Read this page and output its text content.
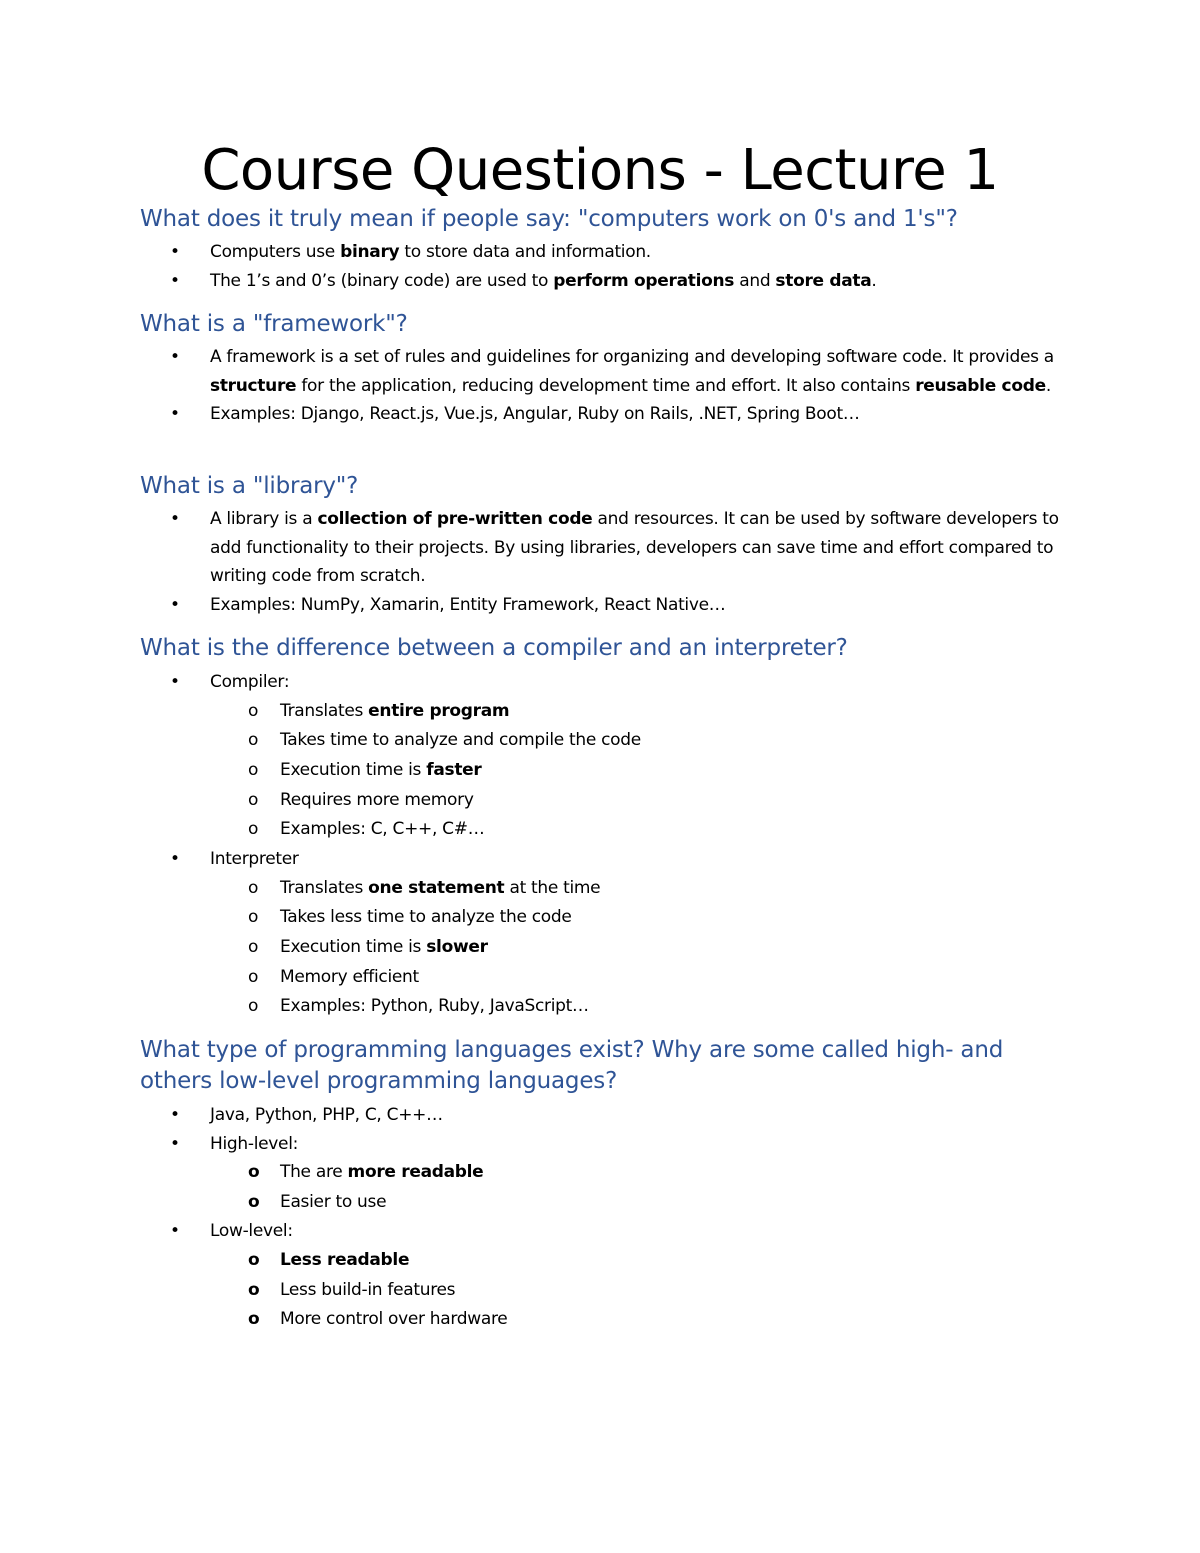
Course Questions - Lecture 1
What does it truly mean if people say: "computers work on 0's and 1's"?
• Computers use binary to store data and information.
• The 1’s and 0’s (binary code) are used to perform operations and store data.
What is a "framework"?
• A framework is a set of rules and guidelines for organizing and developing software code. It provides a structure for the application, reducing development time and effort. It also contains reusable code.
• Examples: Django, React.js, Vue.js, Angular, Ruby on Rails, .NET, Spring Boot…
What is a "library"?
• A library is a collection of pre-written code and resources. It can be used by software developers to add functionality to their projects. By using libraries, developers can save time and effort compared to writing code from scratch.
• Examples: NumPy, Xamarin, Entity Framework, React Native…
What is the difference between a compiler and an interpreter?
• Compiler:
o Translates entire program
o Takes time to analyze and compile the code
o Execution time is faster
o Requires more memory
o Examples: C, C++, C#…
• Interpreter
o Translates one statement at the time
o Takes less time to analyze the code
o Execution time is slower
o Memory efficient
o Examples: Python, Ruby, JavaScript…
What type of programming languages exist? Why are some called high- and others low-level programming languages?
• Java, Python, PHP, C, C++…
• High-level:
o The are more readable
o Easier to use
• Low-level:
o Less readable
o Less build-in features
o More control over hardware
